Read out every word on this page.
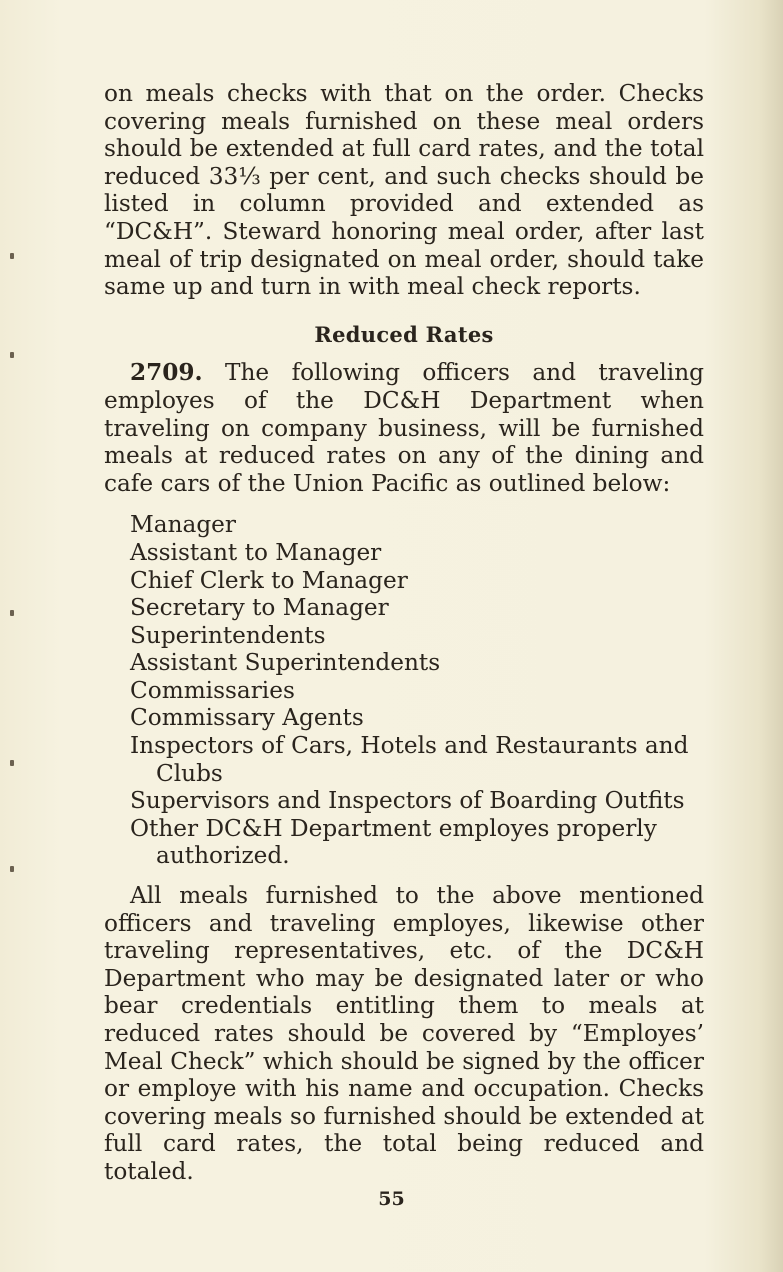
on meals checks with that on the order. Checks covering meals furnished on these meal orders should be extended at full card rates, and the total reduced 33⅓ per cent, and such checks should be listed in column provided and extended as “DC&H”. Steward honoring meal order, after last meal of trip designated on meal order, should take same up and turn in with meal check reports.

Reduced Rates

2709. The following officers and traveling employes of the DC&H Department when traveling on company business, will be furnished meals at reduced rates on any of the dining and cafe cars of the Union Pacific as outlined below:

Manager
Assistant to Manager
Chief Clerk to Manager
Secretary to Manager
Superintendents
Assistant Superintendents
Commissaries
Commissary Agents
Inspectors of Cars, Hotels and Restaurants and Clubs
Supervisors and Inspectors of Boarding Outfits
Other DC&H Department employes properly authorized.

All meals furnished to the above mentioned officers and traveling employes, likewise other traveling representatives, etc. of the DC&H Department who may be designated later or who bear credentials entitling them to meals at reduced rates should be covered by “Employes’ Meal Check” which should be signed by the officer or employe with his name and occupation. Checks covering meals so furnished should be extended at full card rates, the total being reduced and totaled.

55
